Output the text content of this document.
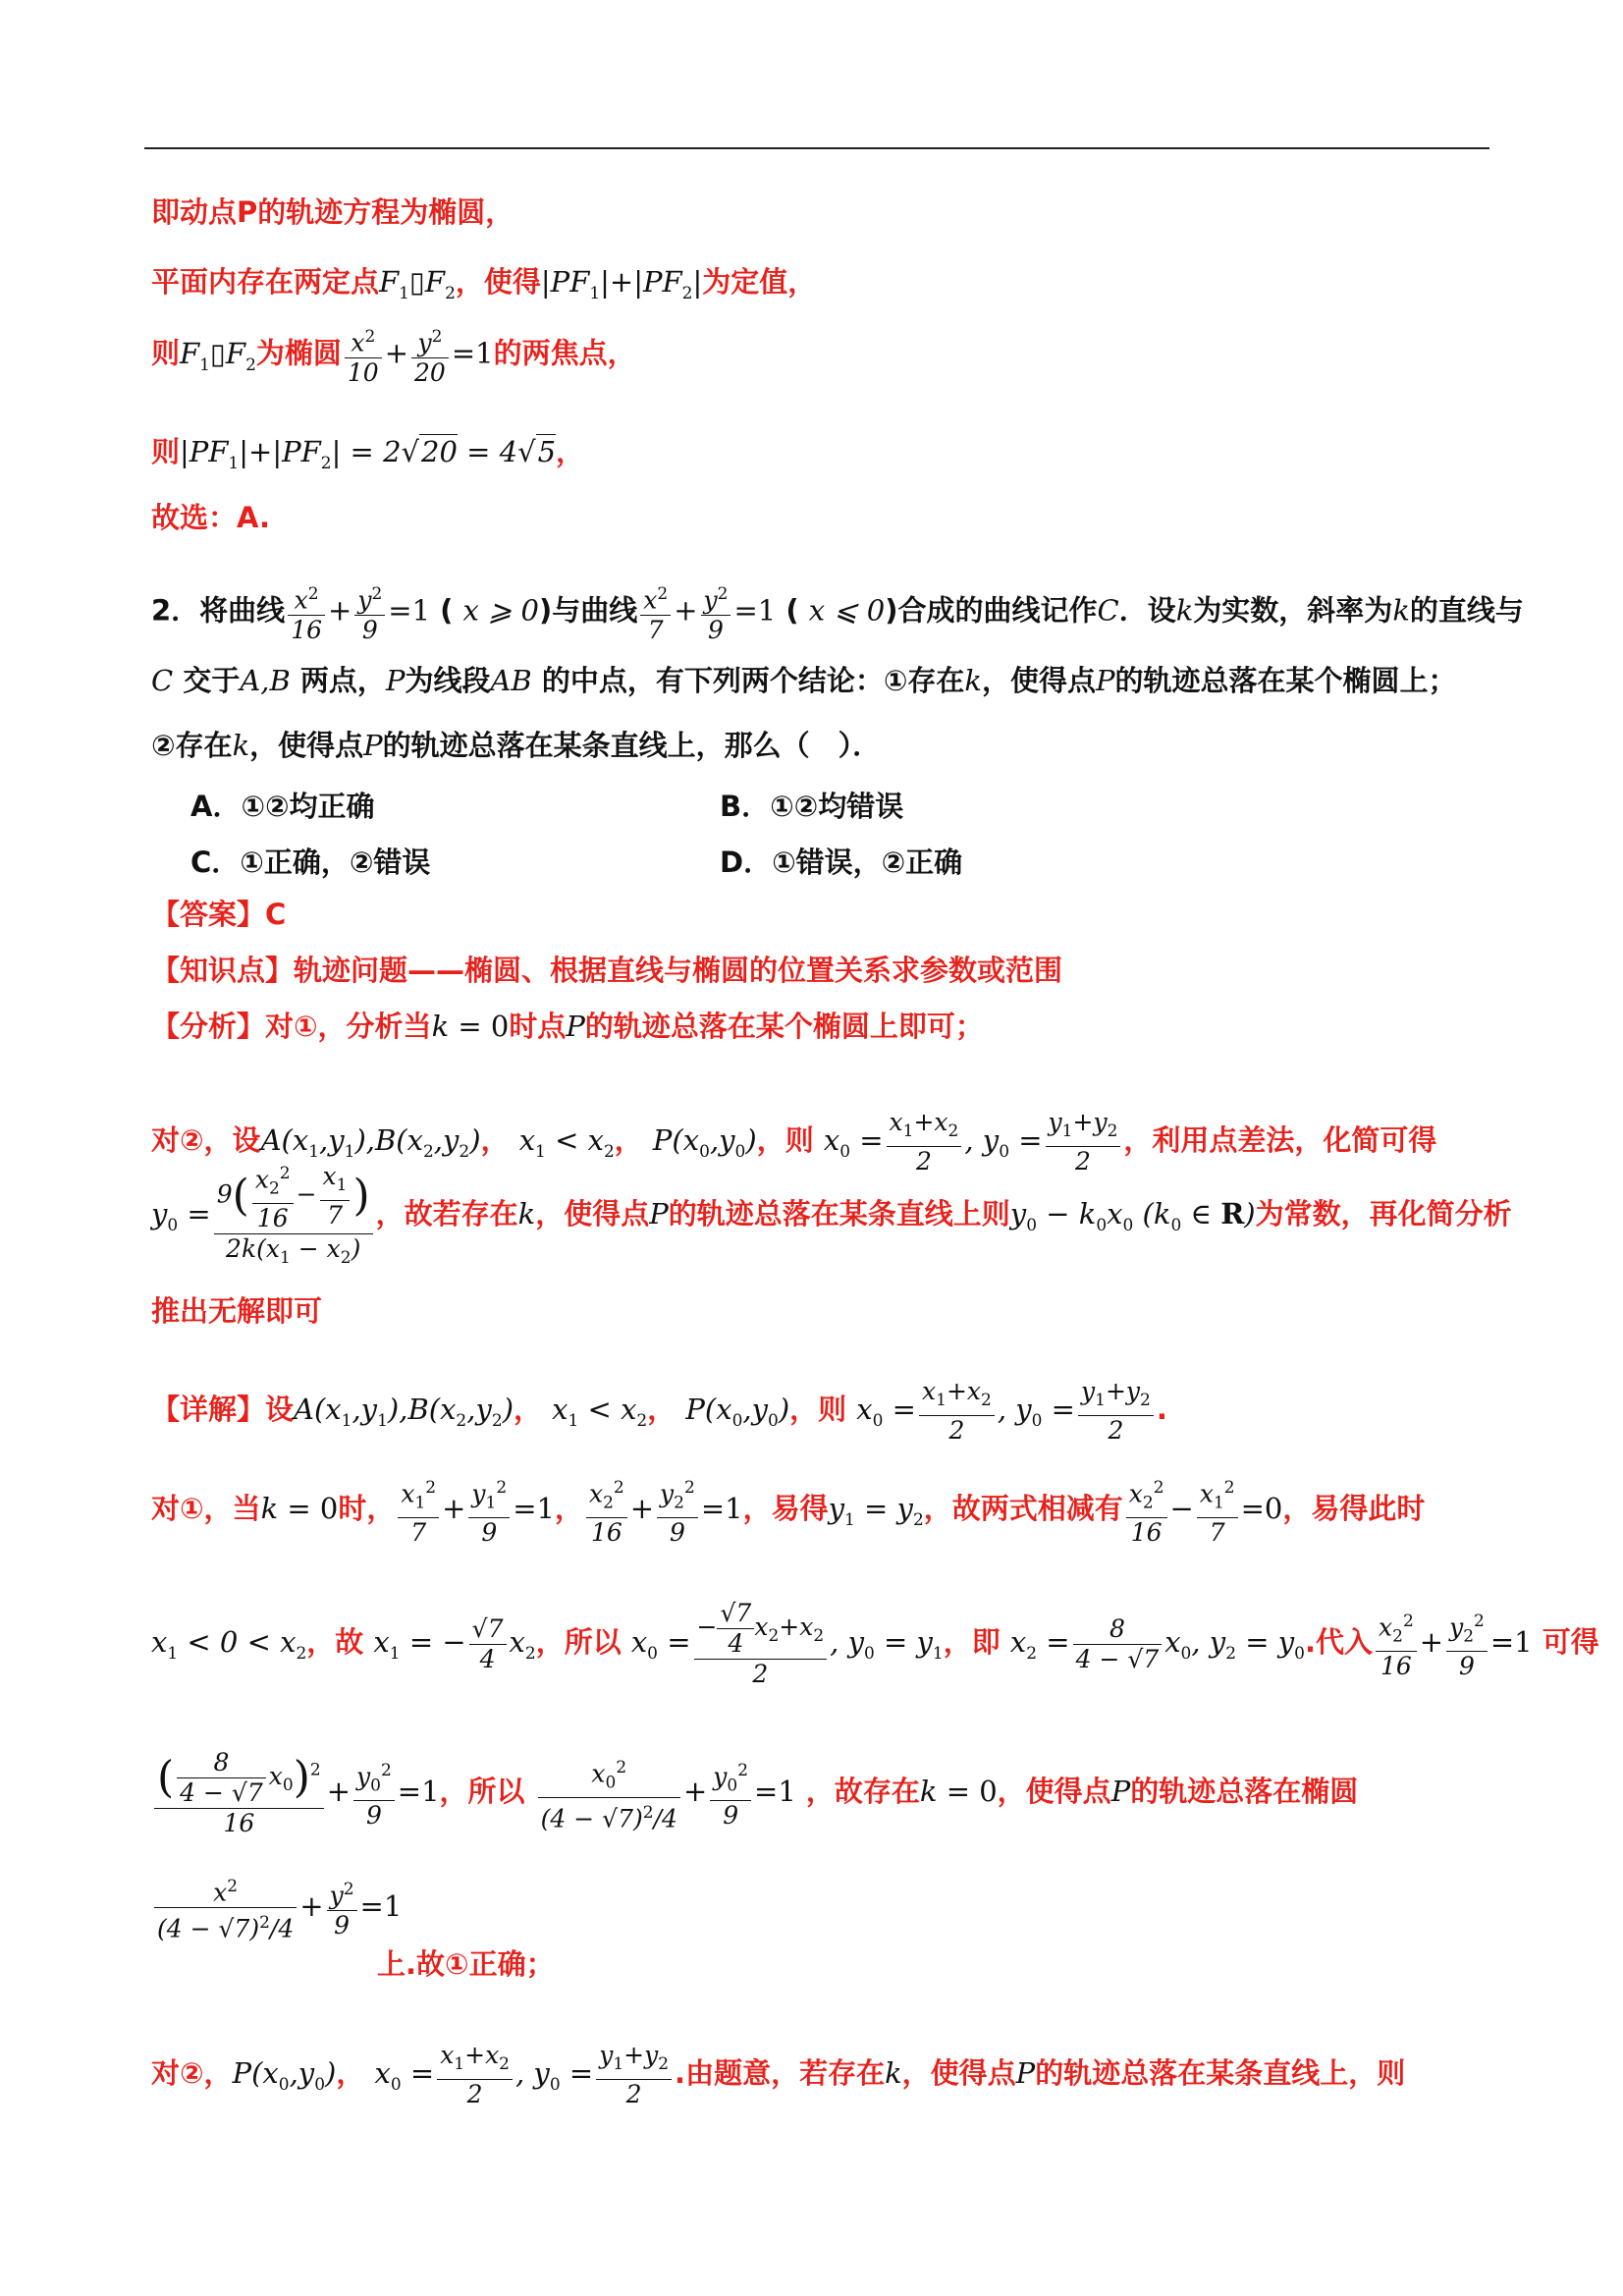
即动点P的轨迹方程为椭圆，
平面内存在两定点$F_1▯F_2$，使得$|PF_1|+|PF_2|$为定值，
则$F_1▯F_2$为椭圆 $\frac{x^2}{10} + \frac{y^2}{20} =1$的两焦点，
则$|PF_1|+|PF_2| = 2√20 = 4√5$，
故选：A.
2．将曲线 $\frac{x^2}{16} + \frac{y^2}{9} =1$ ( x ⩾ 0)与曲线 $\frac{x^2}{7} + \frac{y^2}{9} =1$ ( x ⩽ 0)合成的曲线记作C．设k为实数，斜率为k的直线与
C 交于A,B 两点，P为线段AB 的中点，有下列两个结论：①存在k，使得点P的轨迹总落在某个椭圆上；
②存在k，使得点P的轨迹总落在某条直线上，那么（　）．
A．①②均正确	B．①②均错误
C．①正确，②错误	D．①错误，②正确
【答案】C
【知识点】轨迹问题——椭圆、根据直线与椭圆的位置关系求参数或范围
【分析】对①，分析当k = 0时点P的轨迹总落在某个椭圆上即可；
对②，设$A(x_1,y_1),B(x_2,y_2)$， $x_1 < x_2$， $P(x_0,y_0)$，则 $x_0 = \frac{x_1+x_2}{2}$ , $y_0 = \frac{y_1+y_2}{2}$ ，利用点差法，化简可得
$y_0 = \frac{9( \frac{x_2^2}{16} - \frac{x_1}{7} )}{2k(x_1 - x_2)}$ ，故若存在k，使得点P的轨迹总落在某条直线上则$y_0 - k_0x_0$ ($k_0$ ∈ R)为常数，再化简分析
推出无解即可
【详解】设$A(x_1,y_1),B(x_2,y_2)$， $x_1 < x_2$， $P(x_0,y_0)$，则 $x_0 = \frac{x_1+x_2}{2}$ , $y_0 = \frac{y_1+y_2}{2}$ .
对①，当k = 0时， $\frac{x_1^2}{7} + \frac{y_1^2}{9} =1$， $\frac{x_2^2}{16} + \frac{y_2^2}{9} =1$，易得$y_1 = y_2$，故两式相减有 $\frac{x_2^2}{16} - \frac{x_1^2}{7} =0$，易得此时
$x_1 < 0 < x_2$，故 $x_1$ = − $\frac{√7}{4} x_2$，所以 $x_0 = \frac{- \frac{√7}{4} x_2+x_2}{2}$ , $y_0 = y_1$，即 $x_2 = \frac{8}{4 - √7} x_0$, $y_2 = y_0$.代入 $\frac{x_2^2}{16} + \frac{y_2^2}{9} =1$ 可得
$\frac{( \frac{8}{4 - √7} x_0)^2}{16} + \frac{y_0^2}{9} =1$，所以 $\frac{x_0^2}{(4 - √7)^2/4} + \frac{y_0^2}{9} =1$ ，故存在k = 0，使得点P的轨迹总落在椭圆
$\frac{x^2}{(4 - √7)^2/4} + \frac{y^2}{9} =1$
上.故①正确；
对②，$P(x_0,y_0)$， $x_0 = \frac{x_1+x_2}{2}$ , $y_0 = \frac{y_1+y_2}{2}$ .由题意，若存在k，使得点P的轨迹总落在某条直线上，则
